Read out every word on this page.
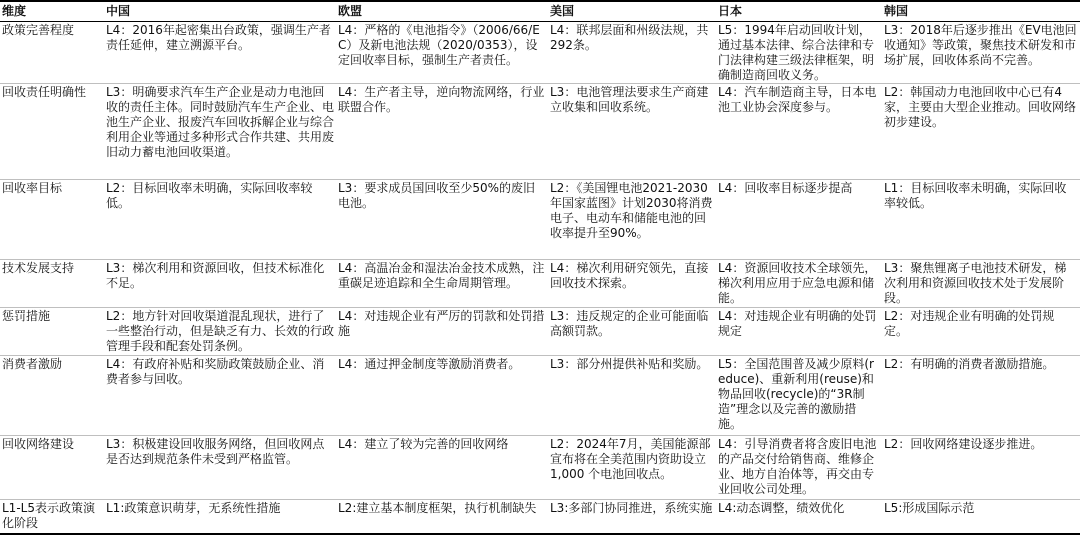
维度	中国	欧盟	美国	日本	韩国
政策完善程度	L4：2016年起密集出台政策，强调生产者责任延伸，建立溯源平台。	L4：严格的《电池指令》（2006/66/EC）及新电池法规（2020/0353），设定回收率目标，强制生产者责任。	L4：联邦层面和州级法规，共292条。	L5：1994年启动回收计划，通过基本法律、综合法律和专门法律构建三级法律框架，明确制造商回收义务。	L3：2018年后逐步推出《EV电池回收通知》等政策，聚焦技术研发和市场扩展，回收体系尚不完善。
回收责任明确性	L3：明确要求汽车生产企业是动力电池回收的责任主体。同时鼓励汽车生产企业、电池生产企业、报废汽车回收拆解企业与综合利用企业等通过多种形式合作共建、共用废旧动力蓄电池回收渠道。	L4：生产者主导，逆向物流网络，行业联盟合作。	L3：电池管理法要求生产商建立收集和回收系统。	L4：汽车制造商主导，日本电池工业协会深度参与。	L2：韩国动力电池回收中心已有4家，主要由大型企业推动。回收网络初步建设。
回收率目标	L2：目标回收率未明确，实际回收率较低。	L3：要求成员国回收至少50%的废旧电池。	L2：《美国锂电池2021-2030年国家蓝图》计划2030将消费电子、电动车和储能电池的回收率提升至90%。	L4：回收率目标逐步提高	L1：目标回收率未明确，实际回收率较低。
技术发展支持	L3：梯次利用和资源回收，但技术标准化不足。	L4：高温冶金和湿法冶金技术成熟，注重碳足迹追踪和全生命周期管理。	L4：梯次利用研究领先，直接回收技术探索。	L4：资源回收技术全球领先，梯次利用应用于应急电源和储能。	L3：聚焦锂离子电池技术研发，梯次利用和资源回收技术处于发展阶段。
惩罚措施	L2：地方针对回收渠道混乱现状，进行了一些整治行动，但是缺乏有力、长效的行政管理手段和配套处罚条例。	L4：对违规企业有严厉的罚款和处罚措施	L3：违反规定的企业可能面临高额罚款。	L4：对违规企业有明确的处罚规定	L2：对违规企业有明确的处罚规定。
消费者激励	L4：有政府补贴和奖励政策鼓励企业、消费者参与回收。	L4：通过押金制度等激励消费者。	L3：部分州提供补贴和奖励。	L5：全国范围普及减少原料(reduce)、重新利用(reuse)和物品回收(recycle)的“3R制造”理念以及完善的激励措施。	L2：有明确的消费者激励措施。
回收网络建设	L3：积极建设回收服务网络，但回收网点是否达到规范条件未受到严格监管。	L4：建立了较为完善的回收网络	L2：2024年7月，美国能源部宣布将在全美范围内资助设立 1,000 个电池回收点。	L4：引导消费者将含废旧电池的产品交付给销售商、维修企业、地方自治体等，再交由专业回收公司处理。	L2：回收网络建设逐步推进。
L1-L5表示政策演化阶段	L1:政策意识萌芽，无系统性措施	L2:建立基本制度框架，执行机制缺失	L3:多部门协同推进，系统实施	L4:动态调整，绩效优化	L5:形成国际示范
